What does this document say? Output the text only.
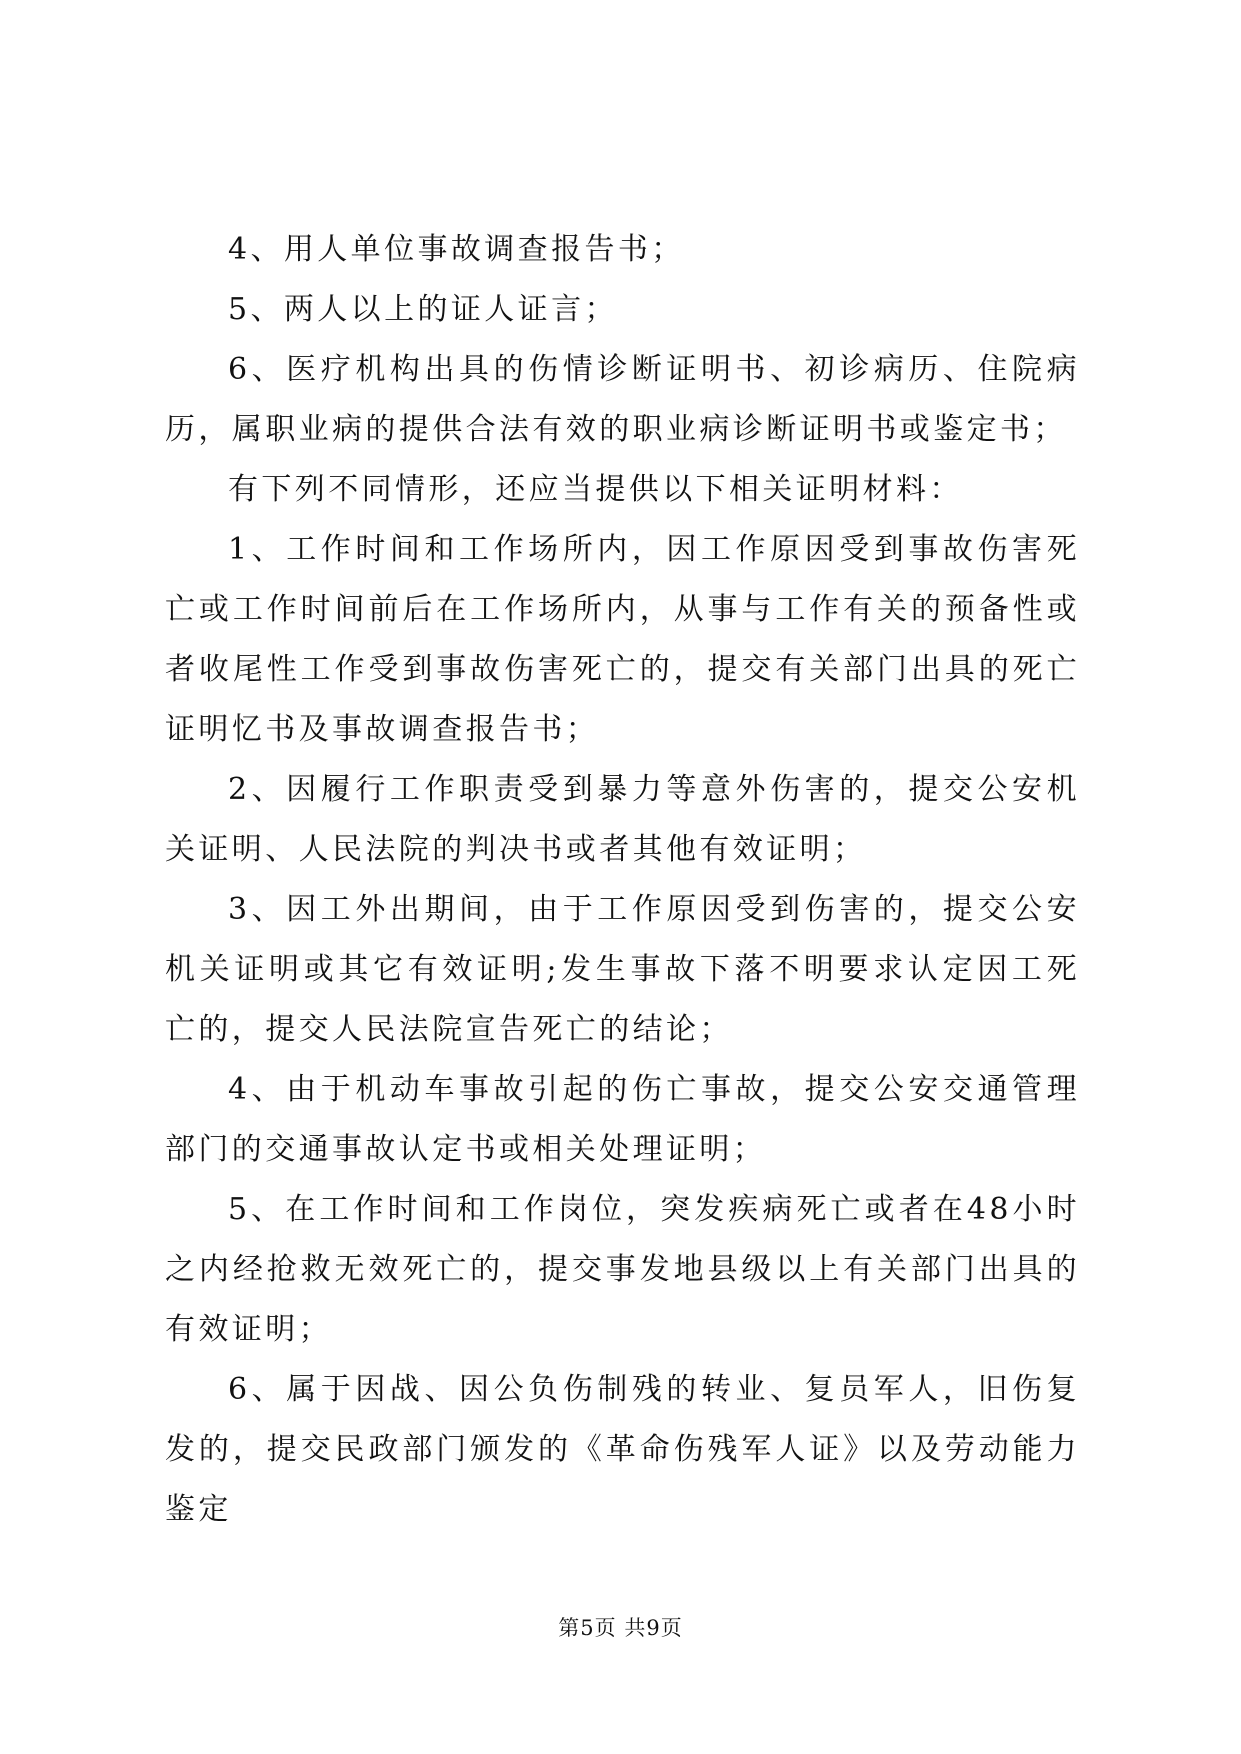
4、用人单位事故调查报告书；

5、两人以上的证人证言；

6、医疗机构出具的伤情诊断证明书、初诊病历、住院病历，属职业病的提供合法有效的职业病诊断证明书或鉴定书；

有下列不同情形，还应当提供以下相关证明材料：

1、工作时间和工作场所内，因工作原因受到事故伤害死亡或工作时间前后在工作场所内，从事与工作有关的预备性或者收尾性工作受到事故伤害死亡的，提交有关部门出具的死亡证明忆书及事故调查报告书；

2、因履行工作职责受到暴力等意外伤害的，提交公安机关证明、人民法院的判决书或者其他有效证明；

3、因工外出期间，由于工作原因受到伤害的，提交公安机关证明或其它有效证明;发生事故下落不明要求认定因工死亡的，提交人民法院宣告死亡的结论；

4、由于机动车事故引起的伤亡事故，提交公安交通管理部门的交通事故认定书或相关处理证明；

5、在工作时间和工作岗位，突发疾病死亡或者在48小时之内经抢救无效死亡的，提交事发地县级以上有关部门出具的有效证明；

6、属于因战、因公负伤制残的转业、复员军人，旧伤复发的，提交民政部门颁发的《革命伤残军人证》以及劳动能力鉴定

第5页 共9页
